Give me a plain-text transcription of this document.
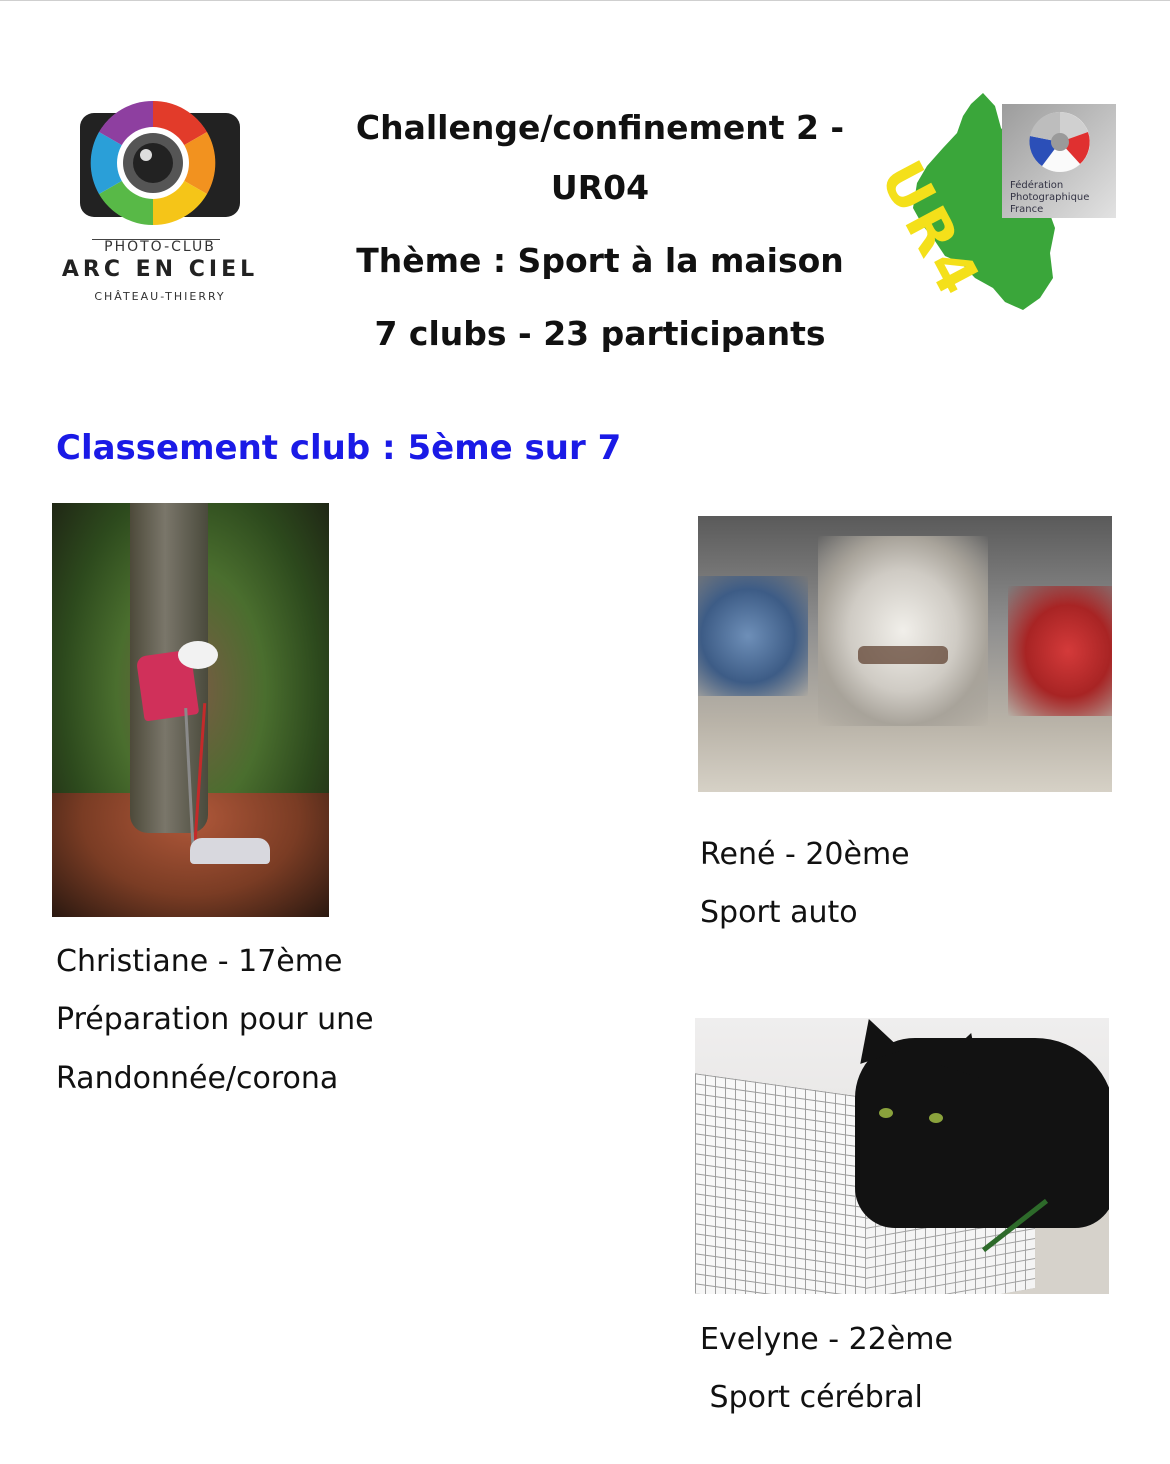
PHOTO-CLUB
ARC EN CIEL
CHÂTEAU-THIERRY
Challenge/confinement 2 -
UR04
Thème : Sport à la maison
7 clubs - 23 participants
UR4 Fédération
Photographique
France
Classement club : 5ème sur 7
Christiane - 17ème
Préparation pour une
Randonnée/corona
René - 20ème
Sport auto
Evelyne - 22ème
Sport cérébral
